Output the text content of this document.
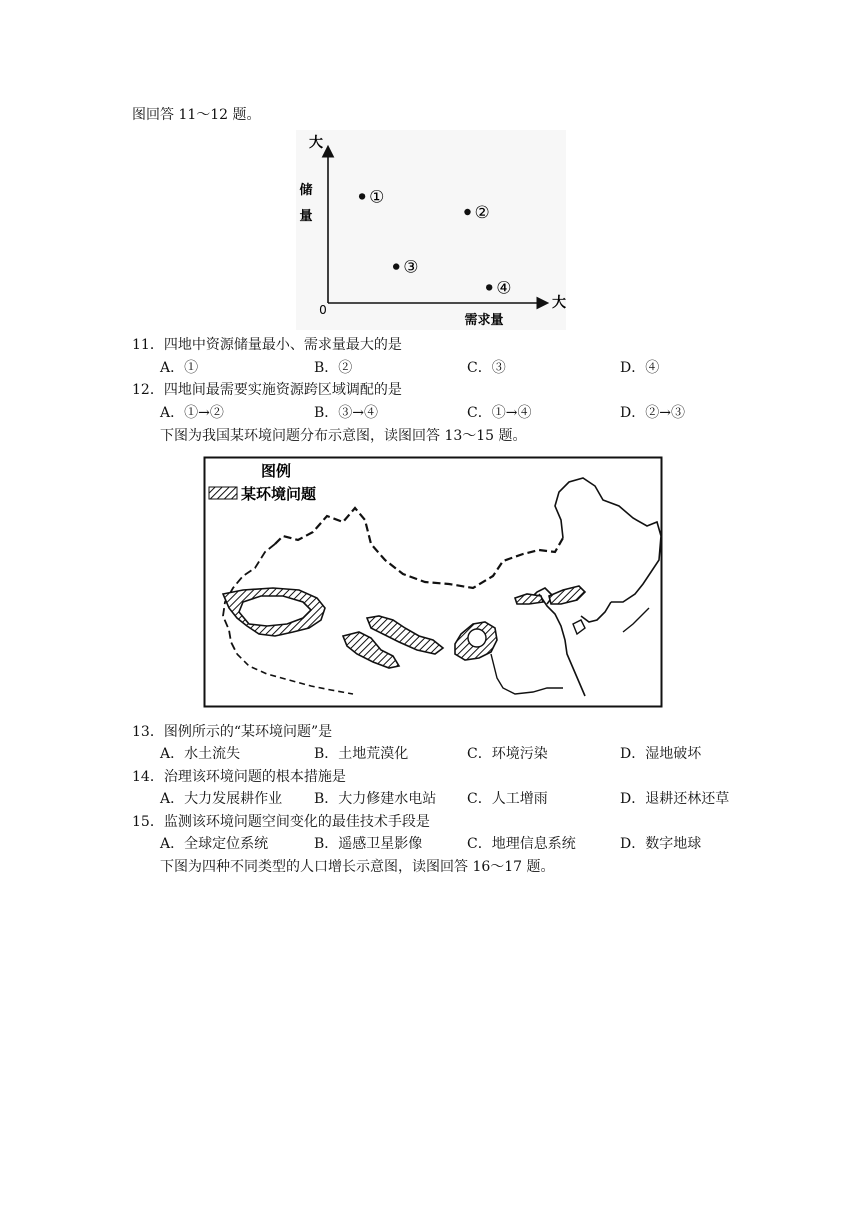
图回答 11～12 题。
大
储
量
0	大
需求量
①
②
③
④
11．四地中资源储量最小、需求量最大的是
A．①	B．②	C．③	D．④
12．四地间最需要实施资源跨区域调配的是
A．①→②	B．③→④	C．①→④	D．②→③
下图为我国某环境问题分布示意图，读图回答 13～15 题。
图例
某环境问题
13．图例所示的“某环境问题”是
A．水土流失	B．土地荒漠化	C．环境污染	D．湿地破坏
14．治理该环境问题的根本措施是
A．大力发展耕作业 B．大力修建水电站 C．人工增雨	D．退耕还林还草
15．监测该环境问题空间变化的最佳技术手段是
A．全球定位系统	B．遥感卫星影像	C．地理信息系统	D．数字地球
下图为四种不同类型的人口增长示意图，读图回答 16～17 题。
